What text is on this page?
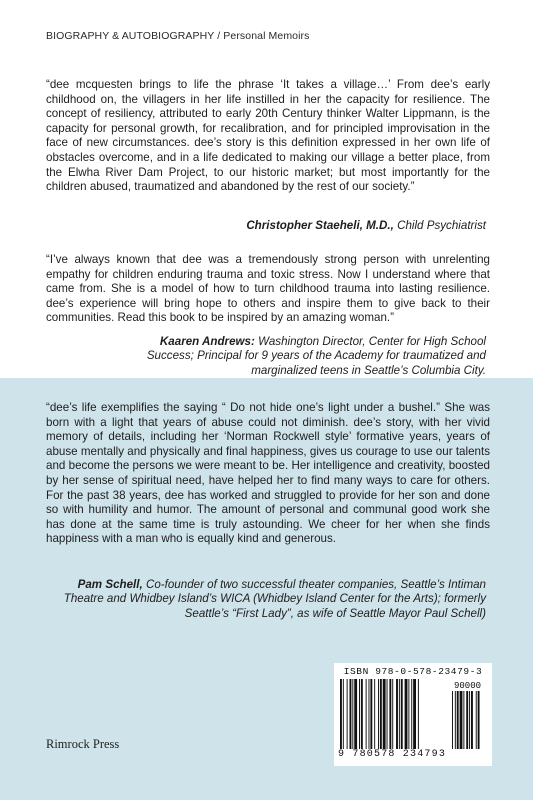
BIOGRAPHY & AUTOBIOGRAPHY / Personal Memoirs
“dee mcquesten brings to life the phrase ‘It takes a village…’ From dee’s early childhood on, the villagers in her life instilled in her the capacity for resilience. The concept of resiliency, attributed to early 20th Century thinker Walter Lippmann, is the capacity for personal growth, for recalibration, and for principled improvisation in the face of new circumstances. dee’s story is this definition expressed in her own life of obstacles overcome, and in a life dedicated to making our village a better place, from the Elwha River Dam Project, to our historic market; but most importantly for the children abused, traumatized and abandoned by the rest of our society.”
Christopher Staeheli, M.D., Child Psychiatrist
“I’ve always known that dee was a tremendously strong person with unrelenting empathy for children enduring trauma and toxic stress. Now I understand where that came from. She is a model of how to turn childhood trauma into lasting resilience. dee’s experience will bring hope to others and inspire them to give back to their communities. Read this book to be inspired by an amazing woman.”
Kaaren Andrews: Washington Director, Center for High School Success; Principal for 9 years of the Academy for traumatized and marginalized teens in Seattle’s Columbia City.
“dee’s life exemplifies the saying “ Do not hide one’s light under a bushel.” She was born with a light that years of abuse could not diminish. dee’s story, with her vivid memory of details, including her ‘Norman Rockwell style’ formative years, years of abuse mentally and physically and final happiness, gives us courage to use our talents and become the persons we were meant to be. Her intelligence and creativity, boosted by her sense of spiritual need, have helped her to find many ways to care for others. For the past 38 years, dee has worked and struggled to provide for her son and done so with humility and humor. The amount of personal and communal good work she has done at the same time is truly astounding. We cheer for her when she finds happiness with a man who is equally kind and generous.
Pam Schell, Co-founder of two successful theater companies, Seattle’s Intiman Theatre and Whidbey Island’s WICA (Whidbey Island Center for the Arts); formerly Seattle’s “First Lady”, as wife of Seattle Mayor Paul Schell)
ISBN 978-0-578-23479-3
90000
9 780578 234793
Rimrock Press
